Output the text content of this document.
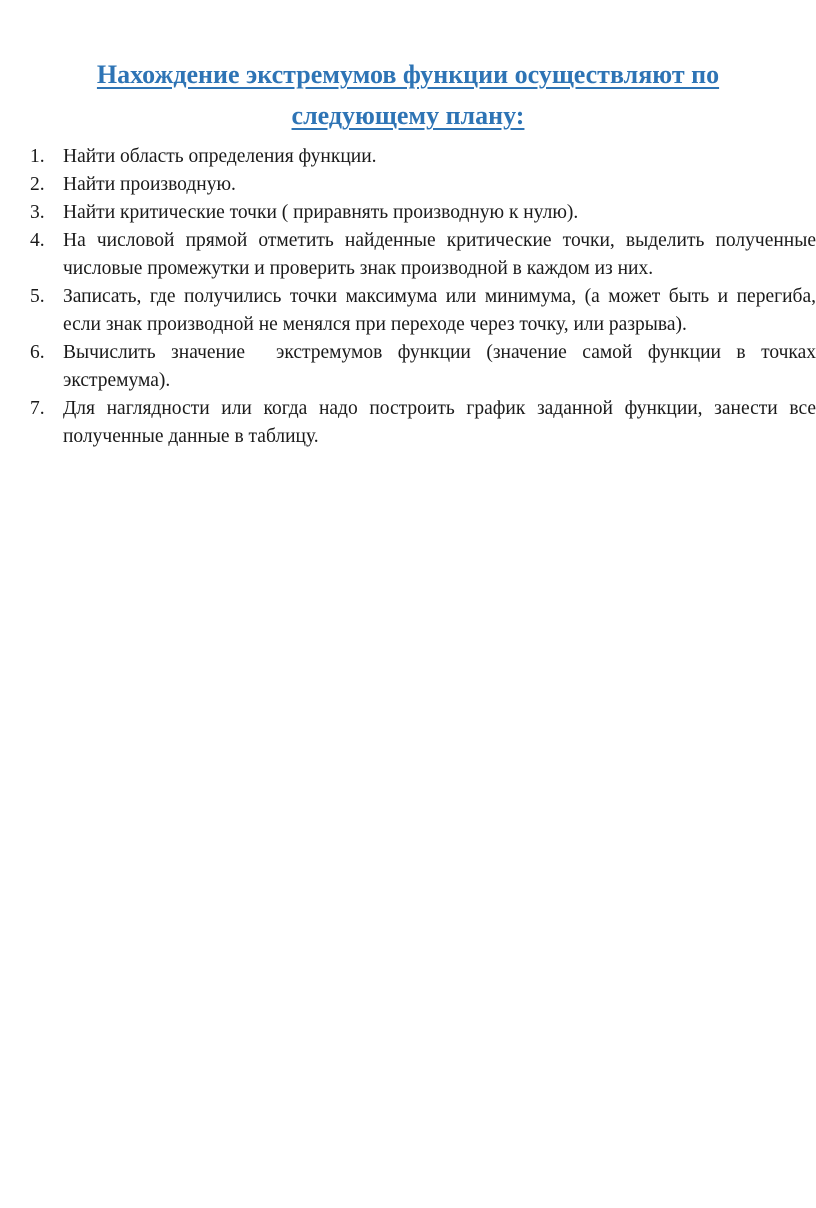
Нахождение экстремумов функции осуществляют по следующему плану:
1. Найти область определения функции.
2. Найти производную.
3. Найти критические точки ( приравнять производную к нулю).
4. На числовой прямой отметить найденные критические точки, выделить полученные числовые промежутки и проверить знак производной в каждом из них.
5. Записать, где получились точки максимума или минимума, (а может быть и перегиба, если знак производной не менялся при переходе через точку, или разрыва).
6. Вычислить значение  экстремумов функции (значение самой функции в точках экстремума).
7. Для наглядности или когда надо построить график заданной функции, занести все полученные данные в таблицу.
